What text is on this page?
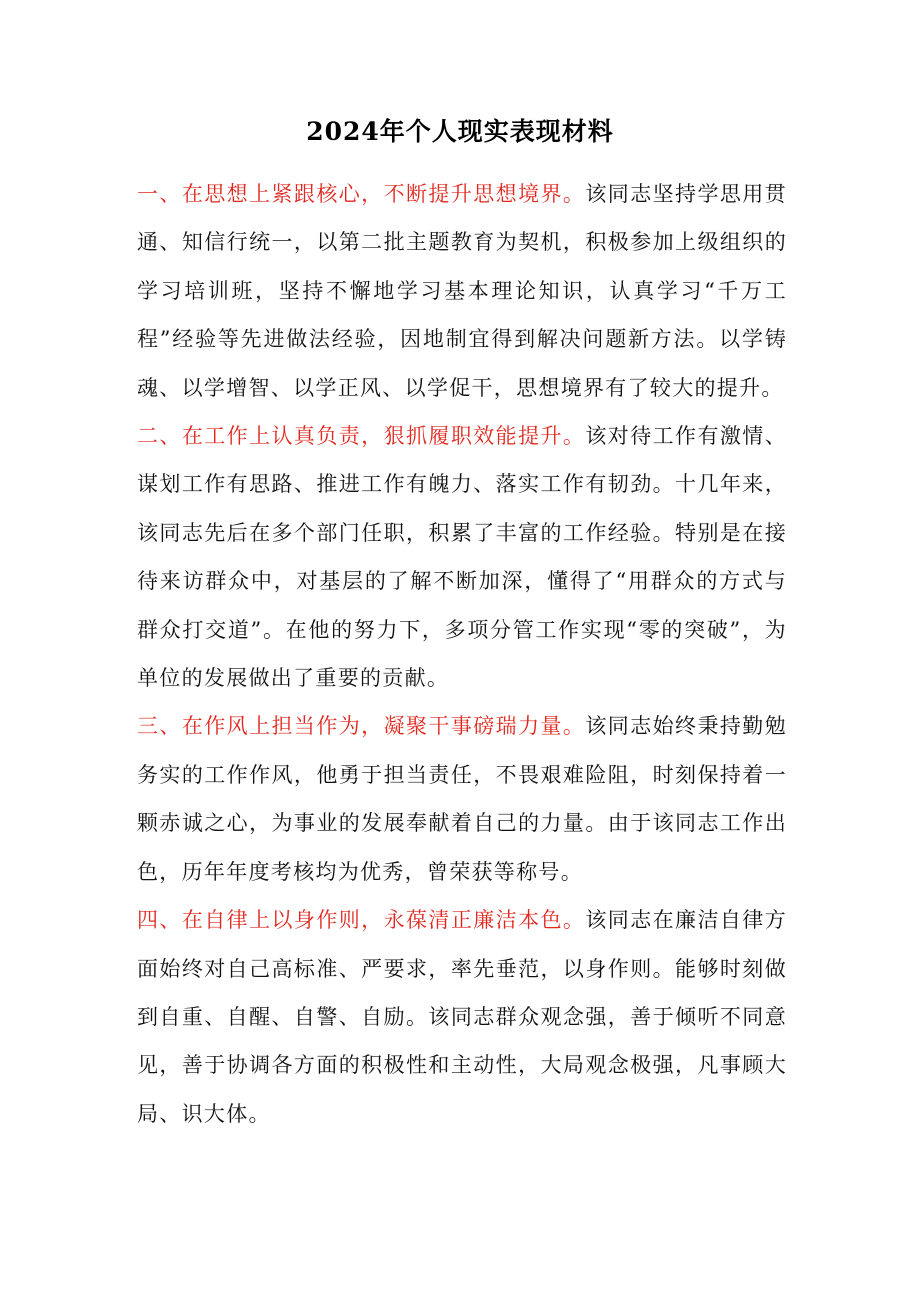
2024年个人现实表现材料

一、在思想上紧跟核心，不断提升思想境界。该同志坚持学思用贯通、知信行统一，以第二批主题教育为契机，积极参加上级组织的学习培训班，坚持不懈地学习基本理论知识，认真学习“千万工程”经验等先进做法经验，因地制宜得到解决问题新方法。以学铸魂、以学增智、以学正风、以学促干，思想境界有了较大的提升。

二、在工作上认真负责，狠抓履职效能提升。该对待工作有激情、谋划工作有思路、推进工作有魄力、落实工作有韧劲。十几年来，该同志先后在多个部门任职，积累了丰富的工作经验。特别是在接待来访群众中，对基层的了解不断加深，懂得了“用群众的方式与群众打交道”。在他的努力下，多项分管工作实现“零的突破”，为单位的发展做出了重要的贡献。

三、在作风上担当作为，凝聚干事磅瑞力量。该同志始终秉持勤勉务实的工作作风，他勇于担当责任，不畏艰难险阻，时刻保持着一颗赤诚之心，为事业的发展奉献着自己的力量。由于该同志工作出色，历年年度考核均为优秀，曾荣获等称号。

四、在自律上以身作则，永葆清正廉洁本色。该同志在廉洁自律方面始终对自己高标准、严要求，率先垂范，以身作则。能够时刻做到自重、自醒、自警、自励。该同志群众观念强，善于倾听不同意见，善于协调各方面的积极性和主动性，大局观念极强，凡事顾大局、识大体。
